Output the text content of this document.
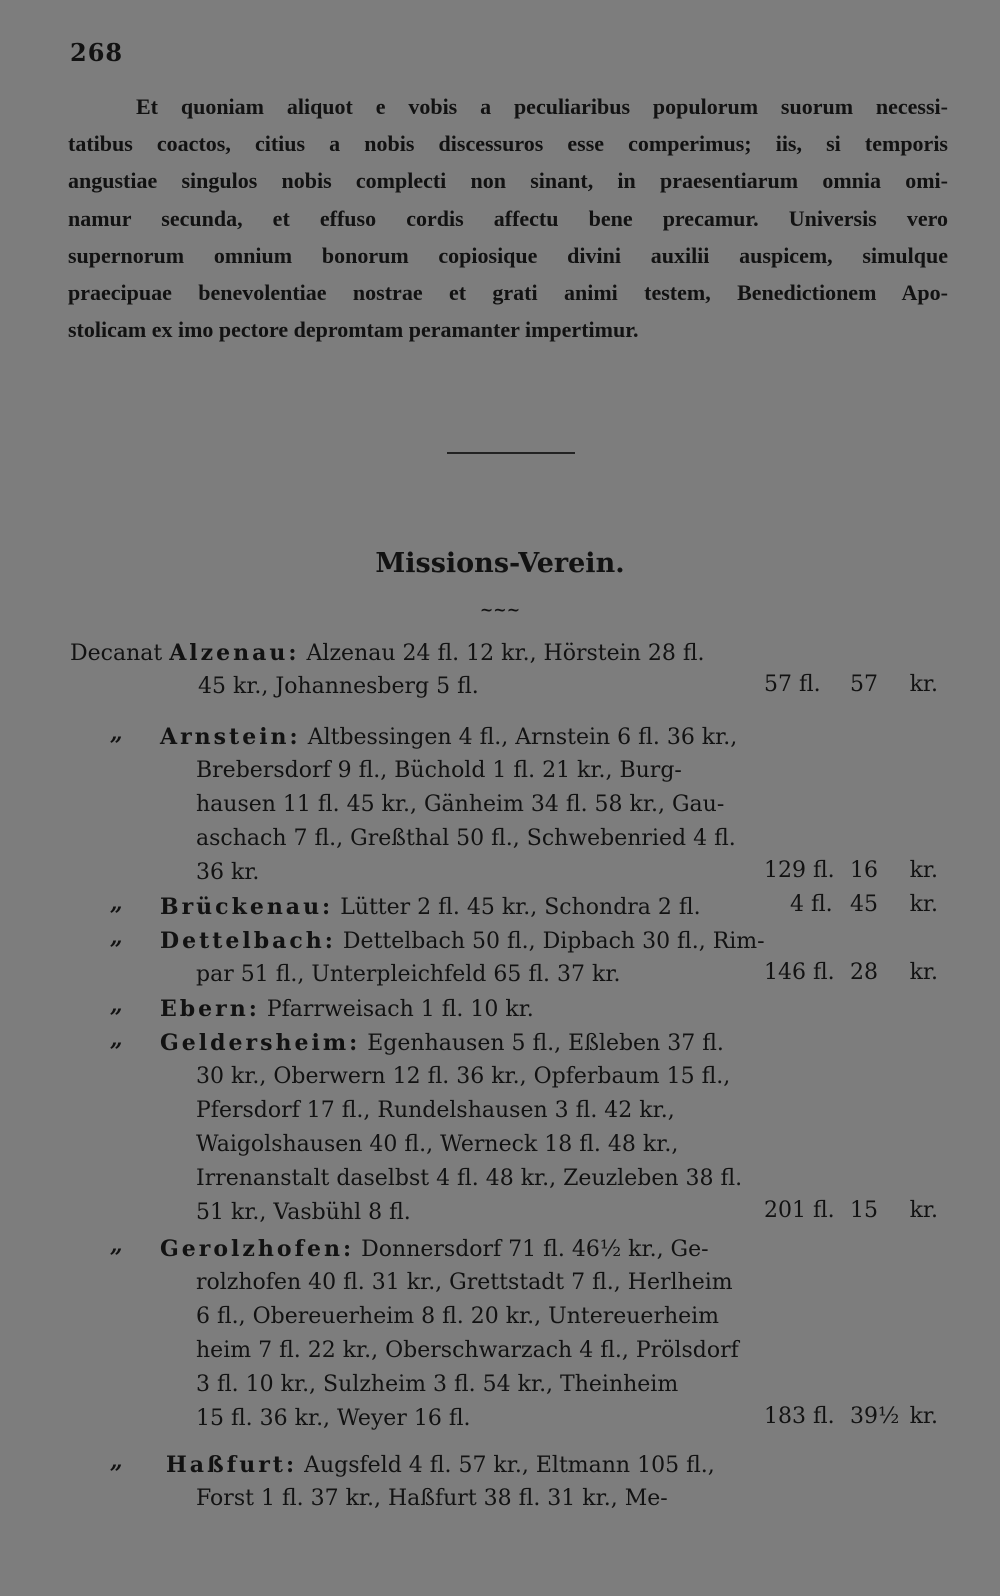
268
Et quoniam aliquot e vobis a peculiaribus populorum suorum necessi-
tatibus coactos, citius a nobis discessuros esse comperimus; iis, si temporis
angustiae singulos nobis complecti non sinant, in praesentiarum omnia omi-
namur secunda, et effuso cordis affectu bene precamur. Universis vero
supernorum omnium bonorum copiosique divini auxilii auspicem, simulque
praecipuae benevolentiae nostrae et grati animi testem, Benedictionem Apo-
stolicam ex imo pectore depromtam peramanter impertimur.
Missions-Verein.
~~~
Decanat Alzenau: Alzenau 24 fl. 12 kr., Hörstein 28 fl.
45 kr., Johannesberg 5 fl.	57 fl. 57 kr.
„ Arnstein: Altbessingen 4 fl., Arnstein 6 fl. 36 kr.,
Brebersdorf 9 fl., Büchold 1 fl. 21 kr., Burg-
hausen 11 fl. 45 kr., Gänheim 34 fl. 58 kr., Gau-
aschach 7 fl., Greßthal 50 fl., Schwebenried 4 fl.
36 kr.	129 fl. 16 kr.
„ Brückenau: Lütter 2 fl. 45 kr., Schondra 2 fl.	4 fl. 45 kr.
„ Dettelbach: Dettelbach 50 fl., Dipbach 30 fl., Rim-
par 51 fl., Unterpleichfeld 65 fl. 37 kr.	146 fl. 28 kr.
„ Ebern: Pfarrweisach 1 fl. 10 kr.
„ Geldersheim: Egenhausen 5 fl., Eßleben 37 fl.
30 kr., Oberwern 12 fl. 36 kr., Opferbaum 15 fl.,
Pfersdorf 17 fl., Rundelshausen 3 fl. 42 kr.,
Waigolshausen 40 fl., Werneck 18 fl. 48 kr.,
Irrenanstalt daselbst 4 fl. 48 kr., Zeuzleben 38 fl.
51 kr., Vasbühl 8 fl.	201 fl. 15 kr.
„ Gerolzhofen: Donnersdorf 71 fl. 46½ kr., Ge-
rolzhofen 40 fl. 31 kr., Grettstadt 7 fl., Herlheim
6 fl., Obereuerheim 8 fl. 20 kr., Untereuerheim
heim 7 fl. 22 kr., Oberschwarzach 4 fl., Prölsdorf
3 fl. 10 kr., Sulzheim 3 fl. 54 kr., Theinheim
15 fl. 36 kr., Weyer 16 fl.	183 fl. 39½ kr.
„ Haßfurt: Augsfeld 4 fl. 57 kr., Eltmann 105 fl.,
Forst 1 fl. 37 kr., Haßfurt 38 fl. 31 kr., Me-
